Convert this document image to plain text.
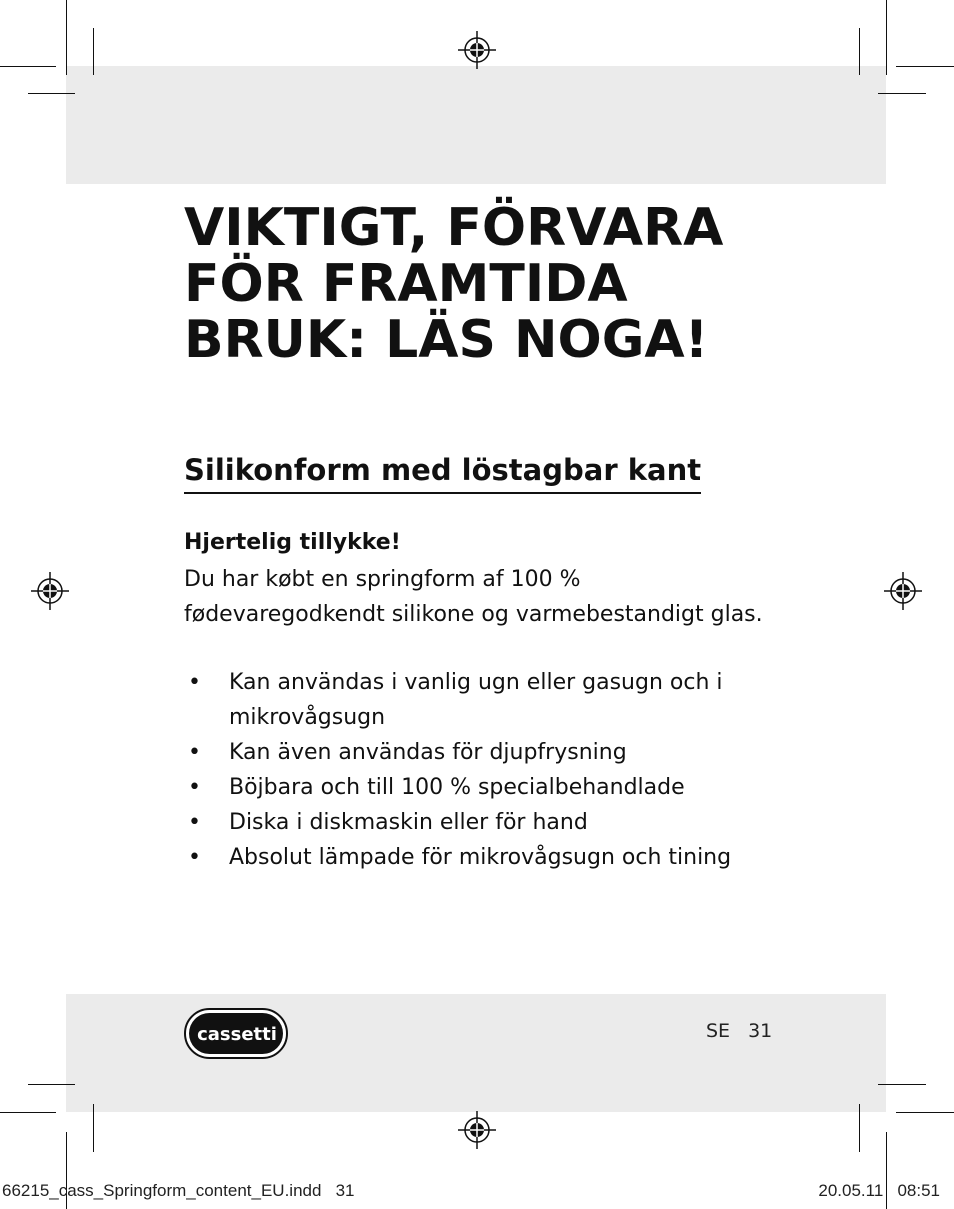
VIKTIGT, FÖRVARA FÖR FRAMTIDA BRUK: LÄS NOGA!
Silikonform med löstagbar kant
Hjertelig tillykke!
Du har købt en springform af 100 % fødevaregodkendt silikone og varmebestandigt glas.
• Kan användas i vanlig ugn eller gasugn och i mikrovågsugn
• Kan även användas för djupfrysning
• Böjbara och till 100 % specialbehandlade
• Diska i diskmaskin eller för hand
• Absolut lämpade för mikrovågsugn och tining
cassetti	SE 31
66215_cass_Springform_content_EU.indd   31	20.05.11   08:51
